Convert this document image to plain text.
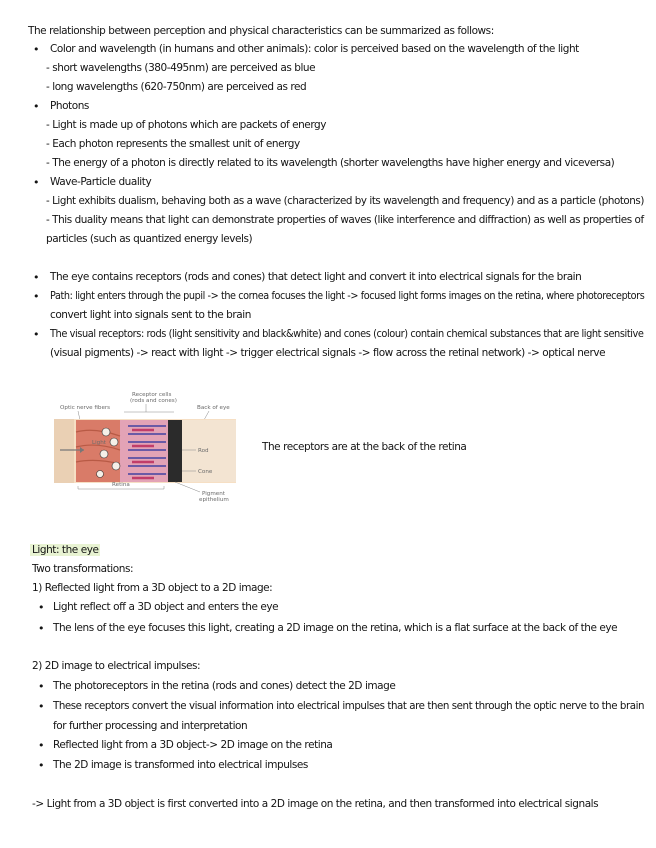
The relationship between perception and physical characteristics can be summarized as follows:
• Color and wavelength (in humans and other animals): color is perceived based on the wavelength of the light
- short wavelengths (380-495nm) are perceived as blue
- long wavelengths (620-750nm) are perceived as red
• Photons
- Light is made up of photons which are packets of energy
- Each photon represents the smallest unit of energy
- The energy of a photon is directly related to its wavelength (shorter wavelengths have higher energy and viceversa)
• Wave-Particle duality
- Light exhibits dualism, behaving both as a wave (characterized by its wavelength and frequency) and as a particle (photons)
- This duality means that light can demonstrate properties of waves (like interference and diffraction) as well as properties of
particles (such as quantized energy levels)
• The eye contains receptors (rods and cones) that detect light and convert it into electrical signals for the brain
• Path: light enters through the pupil -> the cornea focuses the light -> focused light forms images on the retina, where photoreceptors
convert light into signals sent to the brain
• The visual receptors: rods (light sensitivity and black&white) and cones (colour) contain chemical substances that are light sensitive
(visual pigments) -> react with light -> trigger electrical signals -> flow across the retinal network) -> optical nerve
Optic nerve fibers
Receptor cells
(rods and cones)
Back of eye
Light
Rod
Cone
Retina
Pigment
epithelium
The receptors are at the back of the retina
Light: the eye
Two transformations:
1) Reflected light from a 3D object to a 2D image:
• Light reflect off a 3D object and enters the eye
• The lens of the eye focuses this light, creating a 2D image on the retina, which is a flat surface at the back of the eye
2) 2D image to electrical impulses:
• The photoreceptors in the retina (rods and cones) detect the 2D image
• These receptors convert the visual information into electrical impulses that are then sent through the optic nerve to the brain
for further processing and interpretation
• Reflected light from a 3D object-> 2D image on the retina
• The 2D image is transformed into electrical impulses
-> Light from a 3D object is first converted into a 2D image on the retina, and then transformed into electrical signals
